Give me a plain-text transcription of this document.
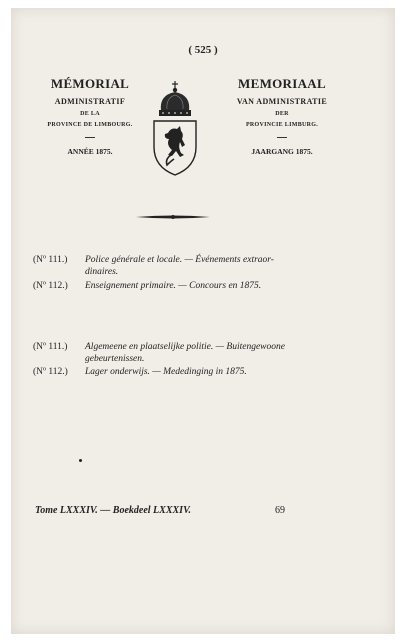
( 525 )
MÉMORIAL
ADMINISTRATIF
DE LA
PROVINCE DE LIMBOURG.
ANNÉE 1875.
MEMORIAAL
VAN ADMINISTRATIE
DER
PROVINCIE LIMBURG.
JAARGANG 1875.
(Nº 111.) Police générale et locale. — Événements extraor-
dinaires.
(Nº 112.) Enseignement primaire. — Concours en 1875.
(Nº 111.) Algemeene en plaatselijke politie. — Buitengewoone
gebeurtenissen.
(Nº 112.) Lager onderwijs. — Mededinging in 1875.
Tome LXXXIV. — Boekdeel LXXXIV.	69
